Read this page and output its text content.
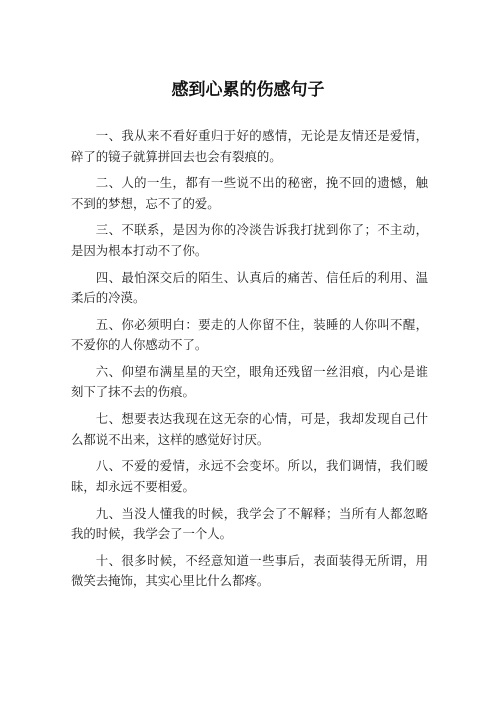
感到心累的伤感句子

一、我从来不看好重归于好的感情，无论是友情还是爱情，碎了的镜子就算拼回去也会有裂痕的。

二、人的一生，都有一些说不出的秘密，挽不回的遗憾，触不到的梦想，忘不了的爱。

三、不联系，是因为你的冷淡告诉我打扰到你了；不主动，是因为根本打动不了你。

四、最怕深交后的陌生、认真后的痛苦、信任后的利用、温柔后的冷漠。

五、你必须明白：要走的人你留不住，装睡的人你叫不醒，不爱你的人你感动不了。

六、仰望布满星星的天空，眼角还残留一丝泪痕，内心是谁刻下了抹不去的伤痕。

七、想要表达我现在这无奈的心情，可是，我却发现自己什么都说不出来，这样的感觉好讨厌。

八、不爱的爱情，永远不会变坏。所以，我们调情，我们暧昧，却永远不要相爱。

九、当没人懂我的时候，我学会了不解释；当所有人都忽略我的时候，我学会了一个人。

十、很多时候，不经意知道一些事后，表面装得无所谓，用微笑去掩饰，其实心里比什么都疼。
